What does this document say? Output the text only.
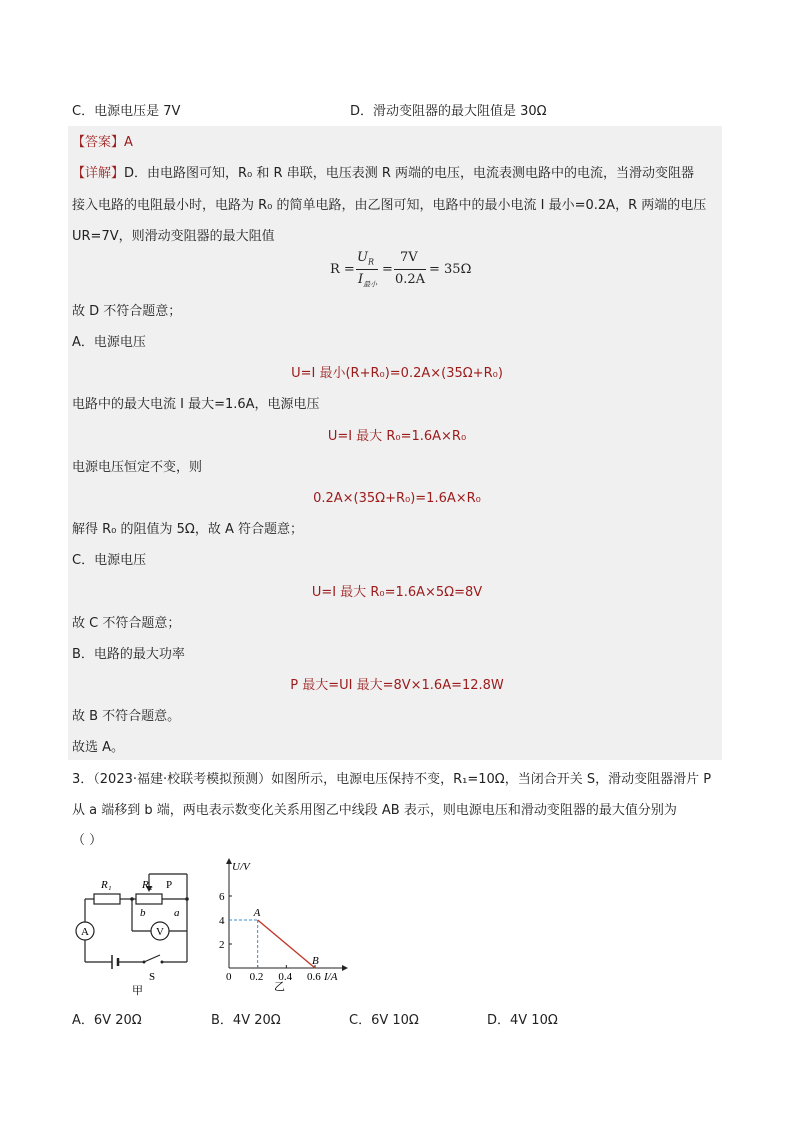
C．电源电压是 7V	D．滑动变阻器的最大阻值是 30Ω
【答案】A
【详解】D．由电路图可知，R₀ 和 R 串联，电压表测 R 两端的电压，电流表测电路中的电流，当滑动变阻器
接入电路的电阻最小时，电路为 R₀ 的简单电路，由乙图可知，电路中的最小电流 I 最小=0.2A，R 两端的电压
UR=7V，则滑动变阻器的最大阻值
R =
$U_R$
$I_{最小}$
=
7V
0.2A
= 35Ω
故 D 不符合题意；
A．电源电压
U=I 最小(R+R₀)=0.2A×(35Ω+R₀)
电路中的最大电流 I 最大=1.6A，电源电压
U=I 最大 R₀=1.6A×R₀
电源电压恒定不变，则
0.2A×(35Ω+R₀)=1.6A×R₀
解得 R₀ 的阻值为 5Ω，故 A 符合题意；
C．电源电压
U=I 最大 R₀=1.6A×5Ω=8V
故 C 不符合题意；
B．电路的最大功率
P 最大=UI 最大=8V×1.6A=12.8W
故 B 不符合题意。
故选 A。
3．（2023·福建·校联考模拟预测）如图所示，电源电压保持不变，R₁=10Ω，当闭合开关 S，滑动变阻器滑片 P
从 a 端移到 b 端，两电表示数变化关系用图乙中线段 AB 表示，则电源电压和滑动变阻器的最大值分别为
（ ）
R₁	R₂ P
b	a
A	V
S
甲
U/V
I/A
2
4
6
0 0.2 0.4 0.6
A
B
乙
A．6V 20Ω	B．4V 20Ω	C．6V 10Ω	D．4V 10Ω
